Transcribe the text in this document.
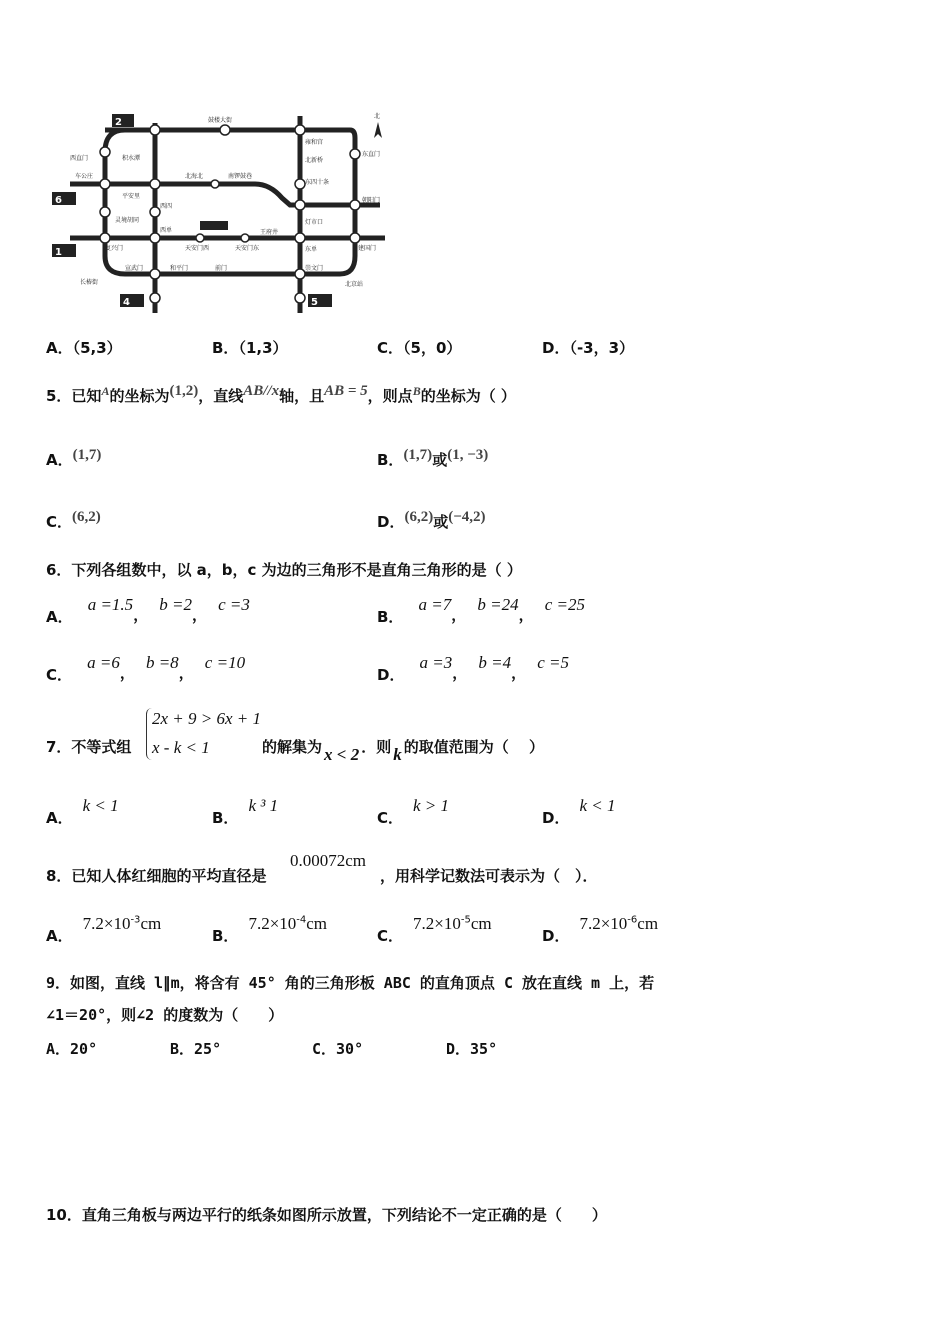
2
6
1
4	5
北
鼓楼大街
雍和宫
东直门
西直门	积水潭	北新桥
车公庄	北海北	南锣鼓巷
东四十条
平安里
朝阳门
西四
灯市口
灵境胡同
西单	王府井
东单
复兴门	建国门
宣武门
天安门西	天安门东
和平门	前门	崇文门
长椿街	北京站
A．（5,3）	B．（1,3）	C．（5，0）	D．（-3，3）
5．已知$^A$的坐标为$^{(1,2)}$，直线$^{AB//x}$轴，且$^{AB = 5}$，则点$^B$的坐标为（ ）
A．$^{(1,7)}$	B．$^{(1,7)}$或$^{(1, -3)}$
C．$^{(6,2)}$	D．$^{(6,2)}$或$^{(-4,2)}$
6．下列各组数中，以 a，b，c 为边的三角形不是直角三角形的是（ ）
A． a =1.5， b =2， c =3
B． a =7， b =24， c =25
C． a =6， b =8， c =10
D． a =3， b =4， c =5
7．不等式组
2x + 9 > 6x + 1
x - k < 1	的解集为 x < 2 ．则 k 的取值范围为（　 ）
A．k < 1
B．k ³ 1
C．k > 1
D．k < 1
8．已知人体红细胞的平均直径是
0.00072cm
，用科学记数法可表示为（　）．
A．$7.2\times 10^{-3}cm$
B．$7.2\times 10^{-4}cm$
C．$7.2\times 10^{-5}cm$
D．$7.2\times 10^{-6}cm$
9．如图，直线 l∥m，将含有 45° 角的三角形板 ABC 的直角顶点 C 放在直线 m 上，若
∠1＝20°，则∠2 的度数为（　　）
A．20°	B．25°	C．30°	D．35°
10．直角三角板与两边平行的纸条如图所示放置，下列结论不一定正确的是（　　）
